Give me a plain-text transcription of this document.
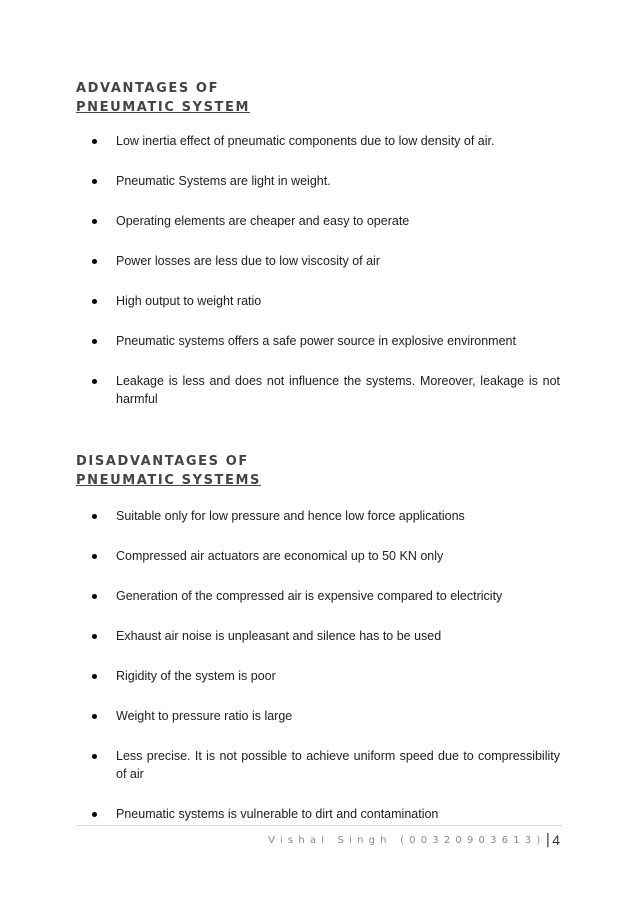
ADVANTAGES OF
PNEUMATIC SYSTEM
Low inertia effect of pneumatic components due to low density of air.
Pneumatic Systems are light in weight.
Operating elements are cheaper and easy to operate
Power losses are less due to low viscosity of air
High output to weight ratio
Pneumatic systems offers a safe power source in explosive environment
Leakage is less and does not influence the systems. Moreover, leakage is not harmful
DISADVANTAGES OF
PNEUMATIC SYSTEMS
Suitable only for low pressure and hence low force applications
Compressed air actuators are economical up to 50 KN only
Generation of the compressed air is expensive compared to electricity
Exhaust air noise is unpleasant and silence has to be used
Rigidity of the system is poor
Weight to pressure ratio is large
Less precise. It is not possible to achieve uniform speed due to compressibility of air
Pneumatic systems is vulnerable to dirt and contamination
Vishal Singh (00320903613) | 4
